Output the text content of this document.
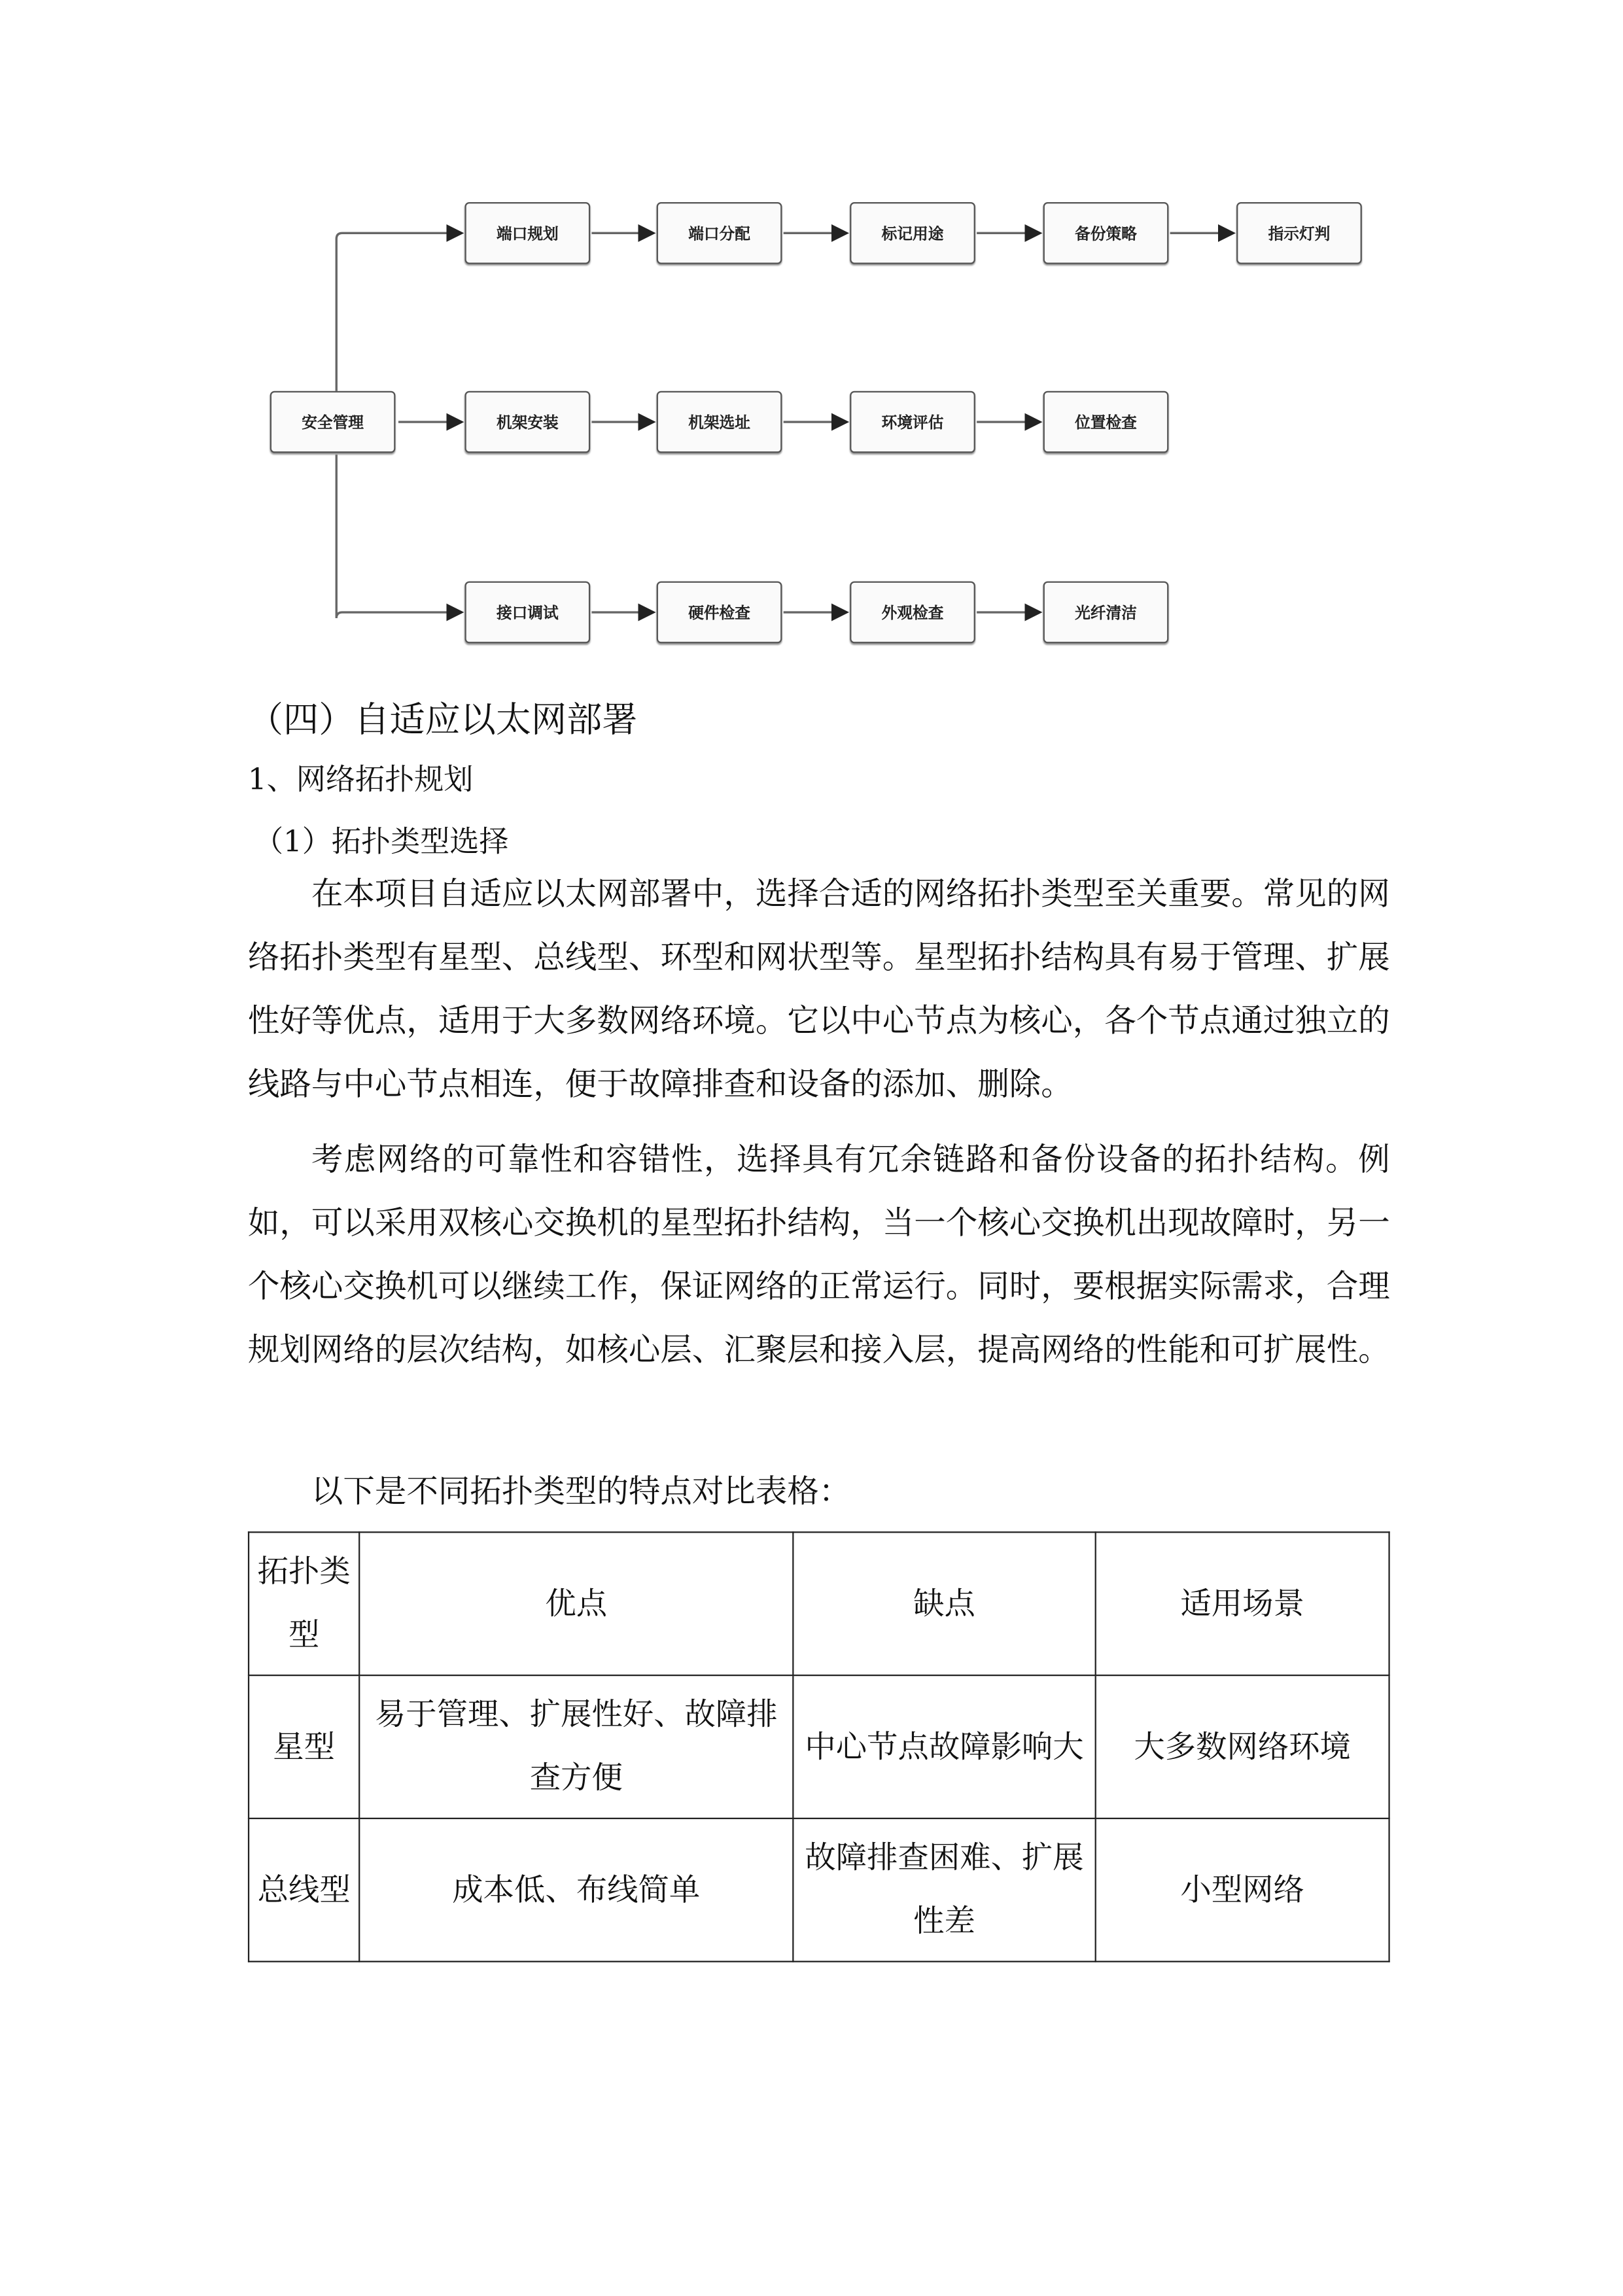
安全管理
端口规划	端口分配	标记用途	备份策略	指示灯判
机架安装	机架选址	环境评估	位置检查
接口调试	硬件检查	外观检查	光纤清洁
（四）自适应以太网部署
1、网络拓扑规划
（1）拓扑类型选择
在本项目自适应以太网部署中，选择合适的网络拓扑类型至关重要。常见的网络拓扑类型有星型、总线型、环型和网状型等。星型拓扑结构具有易于管理、扩展性好等优点，适用于大多数网络环境。它以中心节点为核心，各个节点通过独立的线路与中心节点相连，便于故障排查和设备的添加、删除。
考虑网络的可靠性和容错性，选择具有冗余链路和备份设备的拓扑结构。例如，可以采用双核心交换机的星型拓扑结构，当一个核心交换机出现故障时，另一个核心交换机可以继续工作，保证网络的正常运行。同时，要根据实际需求，合理规划网络的层次结构，如核心层、汇聚层和接入层，提高网络的性能和可扩展性。
以下是不同拓扑类型的特点对比表格：
拓扑类型	优点	缺点	适用场景
星型	易于管理、扩展性好、故障排查方便	中心节点故障影响大	大多数网络环境
总线型	成本低、布线简单	故障排查困难、扩展性差	小型网络
